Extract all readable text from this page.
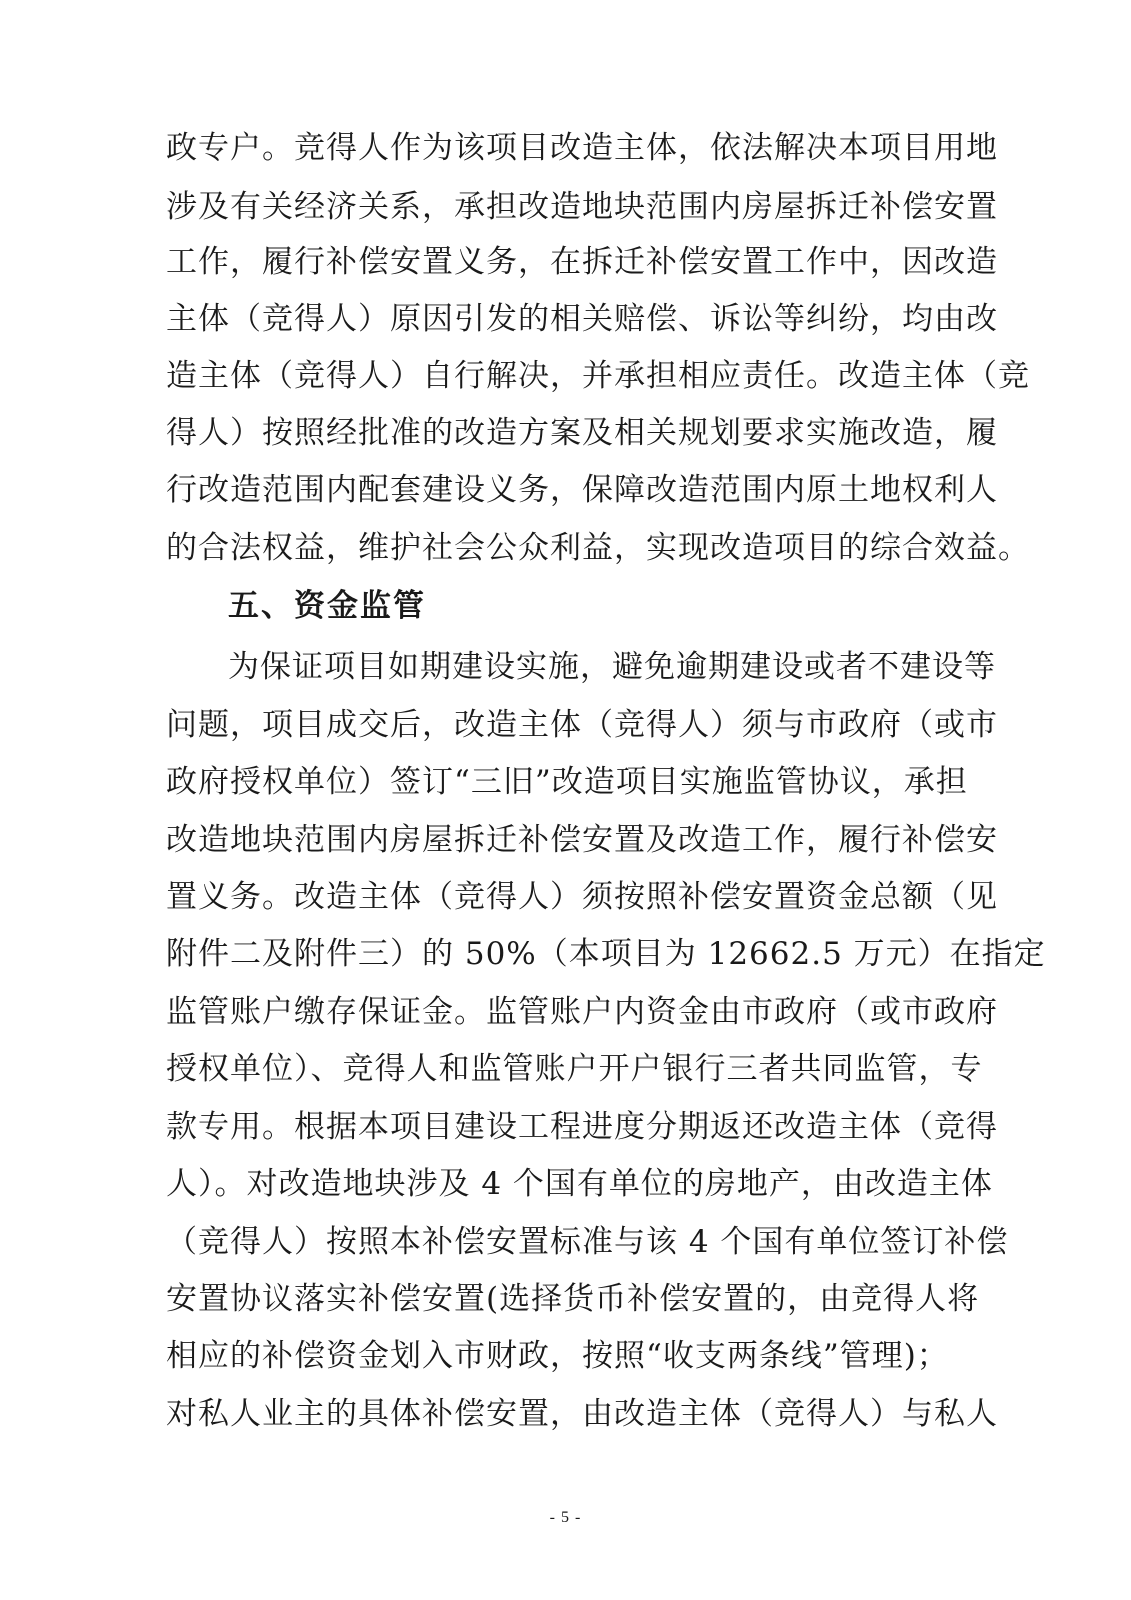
政专户。竞得人作为该项目改造主体，依法解决本项目用地
涉及有关经济关系，承担改造地块范围内房屋拆迁补偿安置
工作，履行补偿安置义务，在拆迁补偿安置工作中，因改造
主体（竞得人）原因引发的相关赔偿、诉讼等纠纷，均由改
造主体（竞得人）自行解决，并承担相应责任。改造主体（竞
得人）按照经批准的改造方案及相关规划要求实施改造，履
行改造范围内配套建设义务，保障改造范围内原土地权利人
的合法权益，维护社会公众利益，实现改造项目的综合效益。
五、资金监管
为保证项目如期建设实施，避免逾期建设或者不建设等
问题，项目成交后，改造主体（竞得人）须与市政府（或市
政府授权单位）签订“三旧”改造项目实施监管协议，承担
改造地块范围内房屋拆迁补偿安置及改造工作，履行补偿安
置义务。改造主体（竞得人）须按照补偿安置资金总额（见
附件二及附件三）的 50%（本项目为 12662.5 万元）在指定
监管账户缴存保证金。监管账户内资金由市政府（或市政府
授权单位）、竞得人和监管账户开户银行三者共同监管，专
款专用。根据本项目建设工程进度分期返还改造主体（竞得
人）。对改造地块涉及 4 个国有单位的房地产，由改造主体
（竞得人）按照本补偿安置标准与该 4 个国有单位签订补偿
安置协议落实补偿安置(选择货币补偿安置的，由竞得人将
相应的补偿资金划入市财政，按照“收支两条线”管理)；
对私人业主的具体补偿安置，由改造主体（竞得人）与私人
- 5 -
